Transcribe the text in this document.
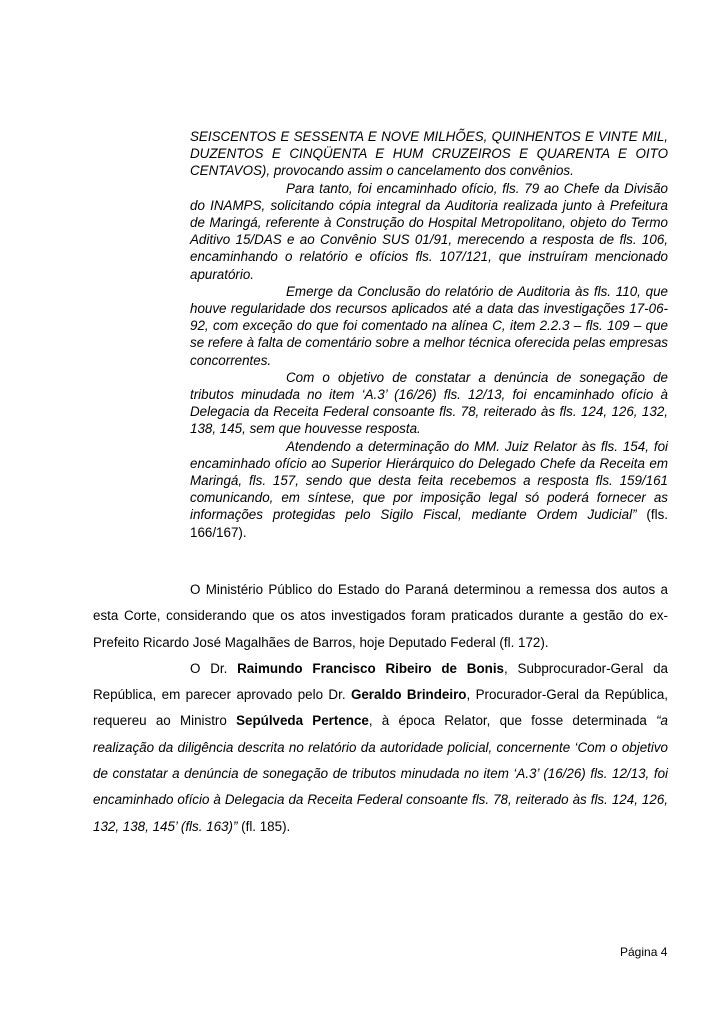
SEISCENTOS E SESSENTA E NOVE MILHÕES, QUINHENTOS E VINTE MIL, DUZENTOS E CINQÜENTA E HUM CRUZEIROS E QUARENTA E OITO CENTAVOS), provocando assim o cancelamento dos convênios.

Para tanto, foi encaminhado ofício, fls. 79 ao Chefe da Divisão do INAMPS, solicitando cópia integral da Auditoria realizada junto à Prefeitura de Maringá, referente à Construção do Hospital Metropolitano, objeto do Termo Aditivo 15/DAS e ao Convênio SUS 01/91, merecendo a resposta de fls. 106, encaminhando o relatório e ofícios fls. 107/121, que instruíram mencionado apuratório.

Emerge da Conclusão do relatório de Auditoria às fls. 110, que houve regularidade dos recursos aplicados até a data das investigações 17-06-92, com exceção do que foi comentado na alínea C, item 2.2.3 – fls. 109 – que se refere à falta de comentário sobre a melhor técnica oferecida pelas empresas concorrentes.

Com o objetivo de constatar a denúncia de sonegação de tributos minudada no item ‘A.3’ (16/26) fls. 12/13, foi encaminhado ofício à Delegacia da Receita Federal consoante fls. 78, reiterado às fls. 124, 126, 132, 138, 145, sem que houvesse resposta.

Atendendo a determinação do MM. Juiz Relator às fls. 154, foi encaminhado ofício ao Superior Hierárquico do Delegado Chefe da Receita em Maringá, fls. 157, sendo que desta feita recebemos a resposta fls. 159/161 comunicando, em síntese, que por imposição legal só poderá fornecer as informações protegidas pelo Sigilo Fiscal, mediante Ordem Judicial” (fls. 166/167).

O Ministério Público do Estado do Paraná determinou a remessa dos autos a esta Corte, considerando que os atos investigados foram praticados durante a gestão do ex-Prefeito Ricardo José Magalhães de Barros, hoje Deputado Federal (fl. 172).

O Dr. Raimundo Francisco Ribeiro de Bonis, Subprocurador-Geral da República, em parecer aprovado pelo Dr. Geraldo Brindeiro, Procurador-Geral da República, requereu ao Ministro Sepúlveda Pertence, à época Relator, que fosse determinada “a realização da diligência descrita no relatório da autoridade policial, concernente ‘Com o objetivo de constatar a denúncia de sonegação de tributos minudada no item ‘A.3’ (16/26) fls. 12/13, foi encaminhado ofício à Delegacia da Receita Federal consoante fls. 78, reiterado às fls. 124, 126, 132, 138, 145’ (fls. 163)” (fl. 185).

Página 4
